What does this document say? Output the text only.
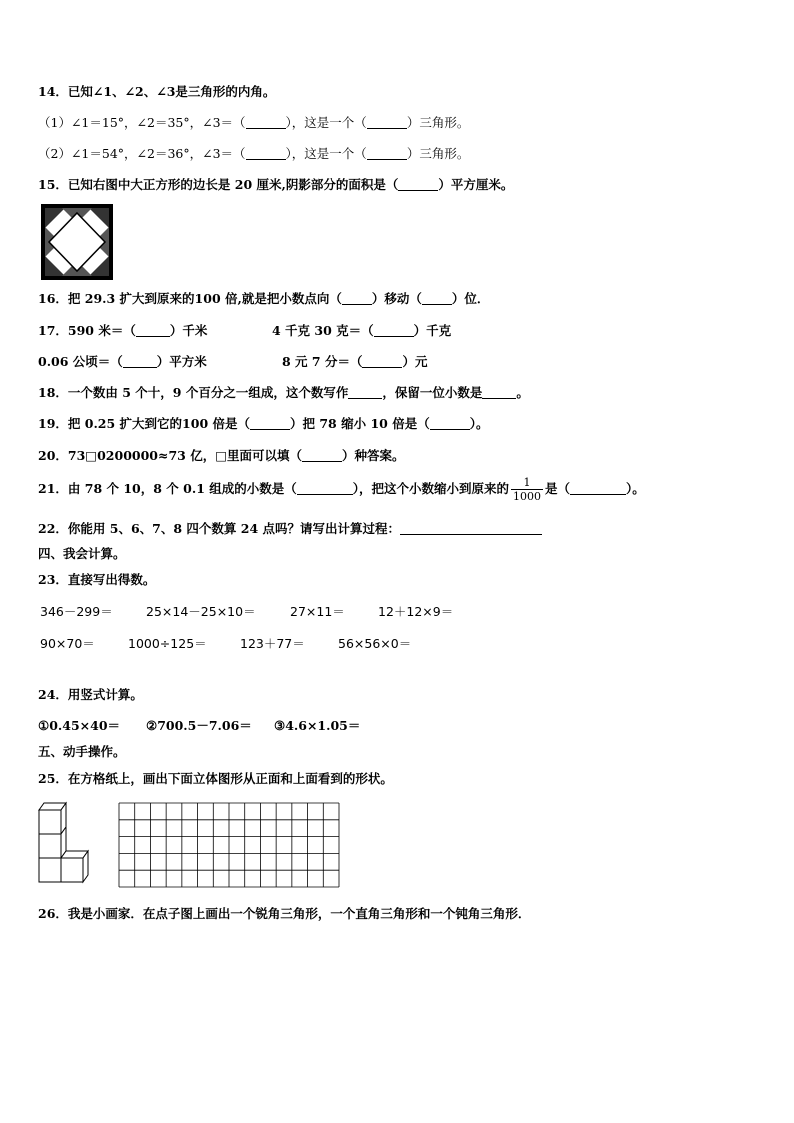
14．已知∠1、∠2、∠3是三角形的内角。
（1）∠1＝15°，∠2＝35°，∠3＝（	），这是一个（	）三角形。
（2）∠1＝54°，∠2＝36°，∠3＝（	），这是一个（	）三角形。
15．已知右图中大正方形的边长是 20 厘米,阴影部分的面积是（	）平方厘米。
16．把 29.3 扩大到原来的100 倍,就是把小数点向（ ）移动（ ）位．
17．590 米＝（	）千米	4 千克 30 克＝（	）千克
0.06 公顷＝（	）平方米	8 元 7 分＝（	）元
18．一个数由 5 个十，9 个百分之一组成，这个数写作	，保留一位小数是	。
19．把 0.25 扩大到它的100 倍是（	）把 78 缩小 10 倍是（	）。
20．73□0200000≈73 亿，□里面可以填（	）种答案。
21．由 78 个 10，8 个 0.1 组成的小数是（	），把这个小数缩小到原来的 $\frac{1}{1000}$ 是（	）。
22．你能用 5、6、7、8 四个数算 24 点吗？请写出计算过程：
四、我会计算。
23．直接写出得数。
346－299＝	25×14－25×10＝	27×11＝	12＋12×9＝
90×70＝	1000÷125＝	123＋77＝	56×56×0＝
24．用竖式计算。
①0.45×40＝ ②700.5－7.06＝ ③4.6×1.05＝
五、动手操作。
25．在方格纸上，画出下面立体图形从正面和上面看到的形状。
26．我是小画家．在点子图上画出一个锐角三角形，一个直角三角形和一个钝角三角形．
